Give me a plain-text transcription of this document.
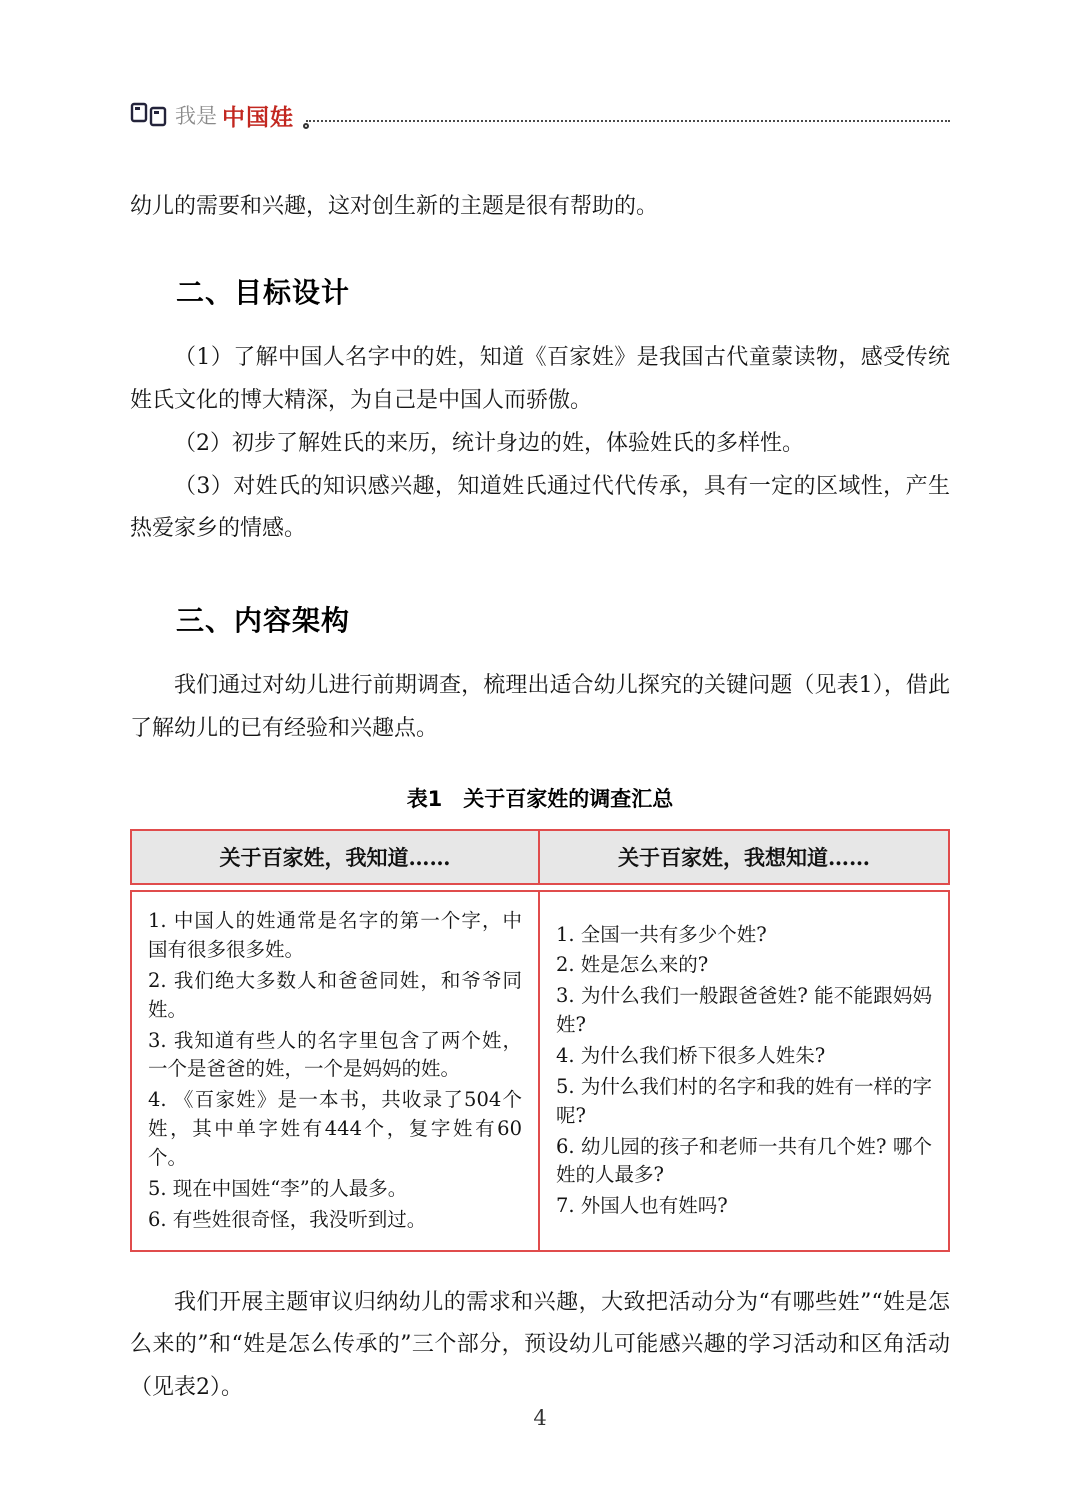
我是 中国娃

幼儿的需要和兴趣，这对创生新的主题是很有帮助的。

二、目标设计

（1）了解中国人名字中的姓，知道《百家姓》是我国古代童蒙读物，感受传统姓氏文化的博大精深，为自己是中国人而骄傲。

（2）初步了解姓氏的来历，统计身边的姓，体验姓氏的多样性。

（3）对姓氏的知识感兴趣，知道姓氏通过代代传承，具有一定的区域性，产生热爱家乡的情感。

三、内容架构

我们通过对幼儿进行前期调查，梳理出适合幼儿探究的关键问题（见表1），借此了解幼儿的已有经验和兴趣点。

表1　关于百家姓的调查汇总
关于百家姓，我知道……	关于百家姓，我想知道……
1. 中国人的姓通常是名字的第一个字，中国有很多很多姓。
2. 我们绝大多数人和爸爸同姓，和爷爷同姓。
3. 我知道有些人的名字里包含了两个姓，一个是爸爸的姓，一个是妈妈的姓。
4. 《百家姓》是一本书，共收录了504个姓，其中单字姓有444个，复字姓有60个。
5. 现在中国姓“李”的人最多。
6. 有些姓很奇怪，我没听到过。
1. 全国一共有多少个姓?
2. 姓是怎么来的?
3. 为什么我们一般跟爸爸姓? 能不能跟妈妈姓?
4. 为什么我们桥下很多人姓朱?
5. 为什么我们村的名字和我的姓有一样的字呢?
6. 幼儿园的孩子和老师一共有几个姓? 哪个姓的人最多?
7. 外国人也有姓吗?

我们开展主题审议归纳幼儿的需求和兴趣，大致把活动分为“有哪些姓”“姓是怎么来的”和“姓是怎么传承的”三个部分，预设幼儿可能感兴趣的学习活动和区角活动（见表2）。

4
